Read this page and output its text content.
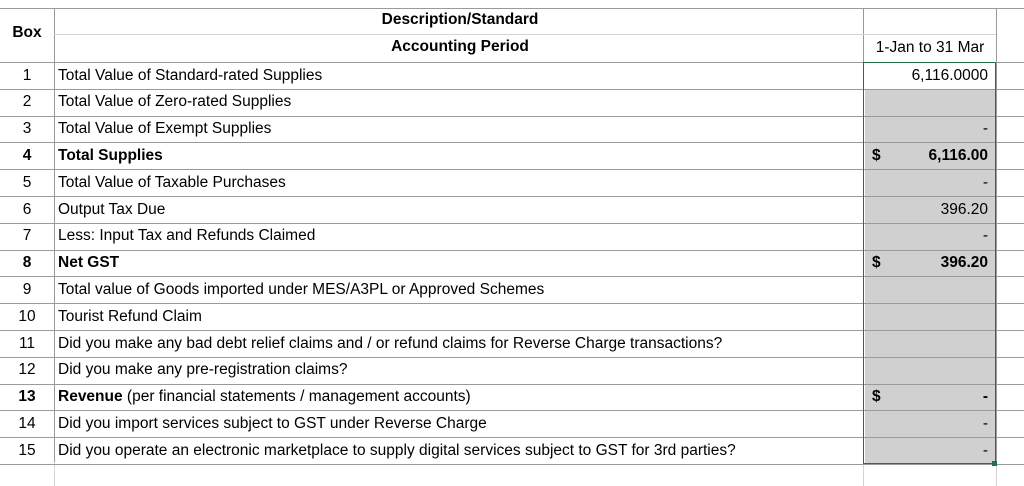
Box
Description/Standard
Accounting Period	1-Jan to 31 Mar
1	Total Value of Standard-rated Supplies	6,116.0000
2	Total Value of Zero-rated Supplies
3	Total Value of Exempt Supplies	-
4	Total Supplies	$	6,116.00
5	Total Value of Taxable Purchases	-
6	Output Tax Due	396.20
7	Less: Input Tax and Refunds Claimed	-
8	Net GST	$	396.20
9	Total value of Goods imported under MES/A3PL or Approved Schemes
10	Tourist Refund Claim
11	Did you make any bad debt relief claims and / or refund claims for Reverse Charge transactions?
12	Did you make any pre-registration claims?
13	Revenue (per financial statements / management accounts)	$	-
14	Did you import services subject to GST under Reverse Charge	-
15	Did you operate an electronic marketplace to supply digital services subject to GST for 3rd parties?	-
